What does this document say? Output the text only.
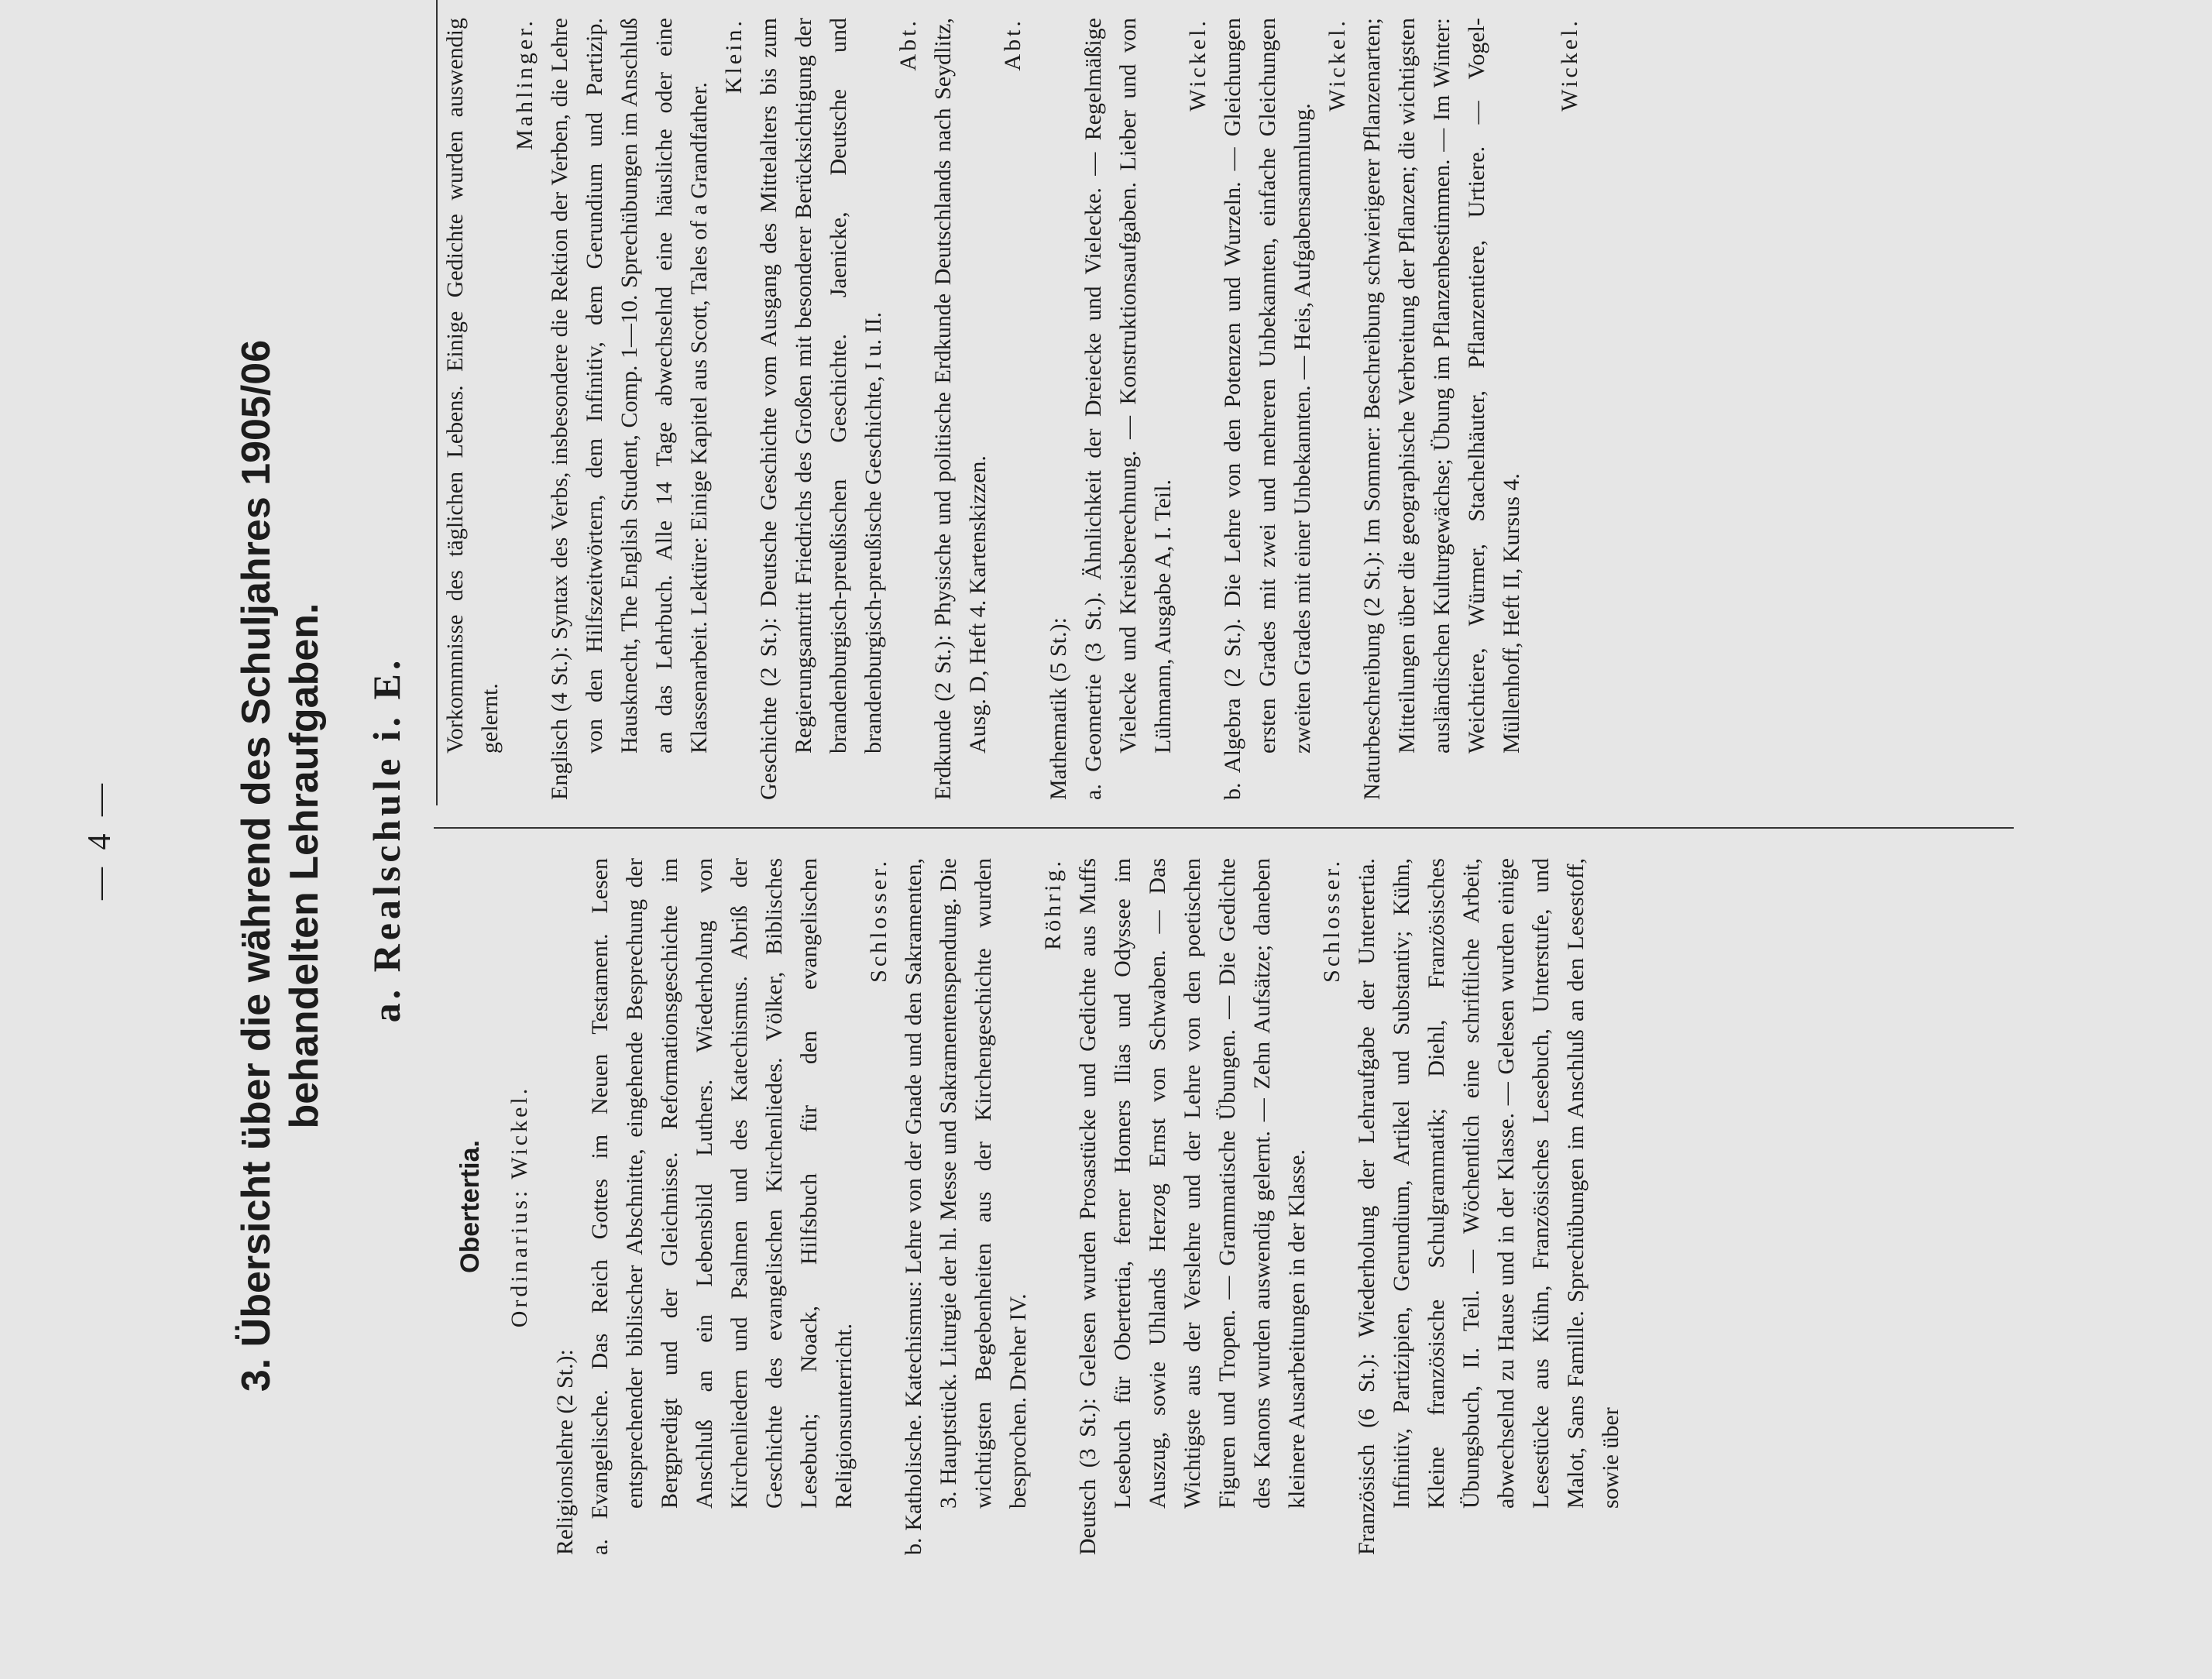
— 4 —	3. Übersicht über die während des Schuljahres 1905/06 behandelten Lehraufgaben. a. Realschule i. E.
Obertertia. Ordinarius: Wickel.

Religionslehre (2 St.): a. Evangelische. Das Reich Gottes im Neuen Testament. Lesen entsprechender biblischer Abschnitte, eingehende Besprechung der Bergpredigt und der Gleichnisse. Reformationsgeschichte im Anschluß an ein Lebensbild Luthers. Wiederholung von Kirchenliedern und Psalmen und des Katechismus. Abriß der Geschichte des evangelischen Kirchenliedes. Völker, Biblisches Lesebuch; Noack, Hilfsbuch für den evangelischen Religionsunterricht.

Schlosser. b. Katholische. Katechismus: Lehre von der Gnade und den Sakramenten, 3. Hauptstück. Liturgie der hl. Messe und Sakramentenspendung. Die wichtigsten Begebenheiten aus der Kirchengeschichte wurden besprochen. Dreher IV.

Röhrig. Deutsch (3 St.): Gelesen wurden Prosastücke und Gedichte aus Muffs Lesebuch für Obertertia, ferner Homers Ilias und Odyssee im Auszug, sowie Uhlands Herzog Ernst von Schwaben. — Das Wichtigste aus der Verslehre und der Lehre von den poetischen Figuren und Tropen. — Grammatische Übungen. — Die Gedichte des Kanons wurden auswendig gelernt. — Zehn Aufsätze; daneben kleinere Ausarbeitungen in der Klasse.

Schlosser. Französisch (6 St.): Wiederholung der Lehraufgabe der Untertertia. Infinitiv, Partizipien, Gerundium, Artikel und Substantiv; Kühn, Kleine französische Schulgrammatik; Diehl, Französisches Übungsbuch, II. Teil. — Wöchentlich eine schriftliche Arbeit, abwechselnd zu Hause und in der Klasse. — Gelesen wurden einige Lesestücke aus Kühn, Französisches Lesebuch, Unterstufe, und Malot, Sans Famille. Sprechübungen im Anschluß an den Lesestoff, sowie über

Vorkommnisse des täglichen Lebens. Einige Gedichte wurden auswendig gelernt.

Mahlinger. Englisch (4 St.): Syntax des Verbs, insbesondere die Rektion der Verben, die Lehre von den Hilfszeitwörtern, dem Infinitiv, dem Gerundium und Partizip. Hausknecht, The English Student, Comp. 1—10. Sprechübungen im Anschluß an das Lehrbuch. Alle 14 Tage abwechselnd eine häusliche oder eine Klassenarbeit. Lektüre: Einige Kapitel aus Scott, Tales of a Grandfather.

Klein. Geschichte (2 St.): Deutsche Geschichte vom Ausgang des Mittelalters bis zum Regierungsantritt Friedrichs des Großen mit besonderer Berücksichtigung der brandenburgisch-preußischen Geschichte. Jaenicke, Deutsche und brandenburgisch-preußische Geschichte, I u. II.

Abt. Erdkunde (2 St.): Physische und politische Erdkunde Deutschlands nach Seydlitz, Ausg. D, Heft 4. Kartenskizzen.

Abt.

Mathematik (5 St.): a. Geometrie (3 St.). Ähnlichkeit der Dreiecke und Vielecke. — Regelmäßige Vielecke und Kreisberechnung. — Konstruktionsaufgaben. Lieber und von Lühmann, Ausgabe A, I. Teil.

Wickel. b. Algebra (2 St.). Die Lehre von den Potenzen und Wurzeln. — Gleichungen ersten Grades mit zwei und mehreren Unbekannten, einfache Gleichungen zweiten Grades mit einer Unbekannten. — Heis, Aufgabensammlung.

Wickel. Naturbeschreibung (2 St.): Im Sommer: Beschreibung schwierigerer Pflanzenarten; Mitteilungen über die geographische Verbreitung der Pflanzen; die wichtigsten ausländischen Kulturgewächse; Übung im Pflanzenbestimmen. — Im Winter: Weichtiere, Würmer, Stachelhäuter, Pflanzentiere, Urtiere. — Vogel-Müllenhoff, Heft II, Kursus 4.

Wickel.
